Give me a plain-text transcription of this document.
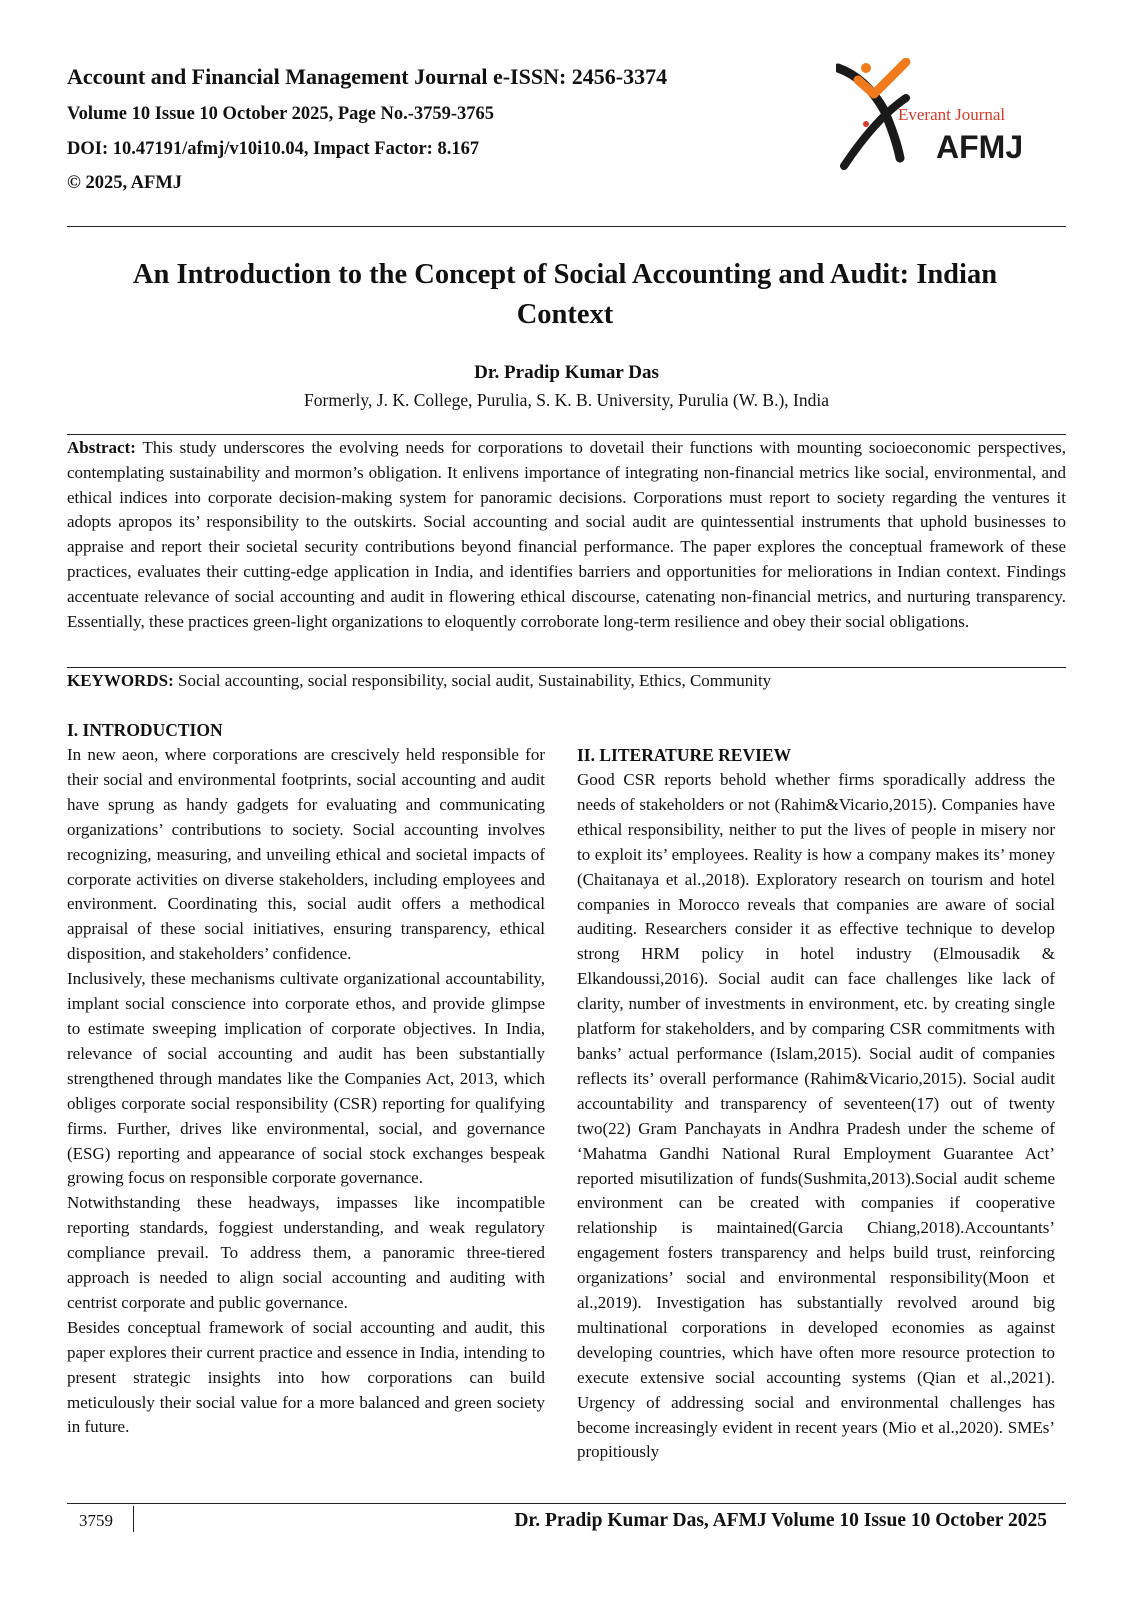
Account and Financial Management Journal e-ISSN: 2456-3374

Volume 10 Issue 10 October 2025, Page No.-3759-3765

DOI: 10.47191/afmj/v10i10.04, Impact Factor: 8.167

© 2025, AFMJ

Everant Journal
AFMJ
An Introduction to the Concept of Social Accounting and Audit: Indian Context

Dr. Pradip Kumar Das

Formerly, J. K. College, Purulia, S. K. B. University, Purulia (W. B.), India

Abstract: This study underscores the evolving needs for corporations to dovetail their functions with mounting socioeconomic perspectives, contemplating sustainability and mormon’s obligation. It enlivens importance of integrating non-financial metrics like social, environmental, and ethical indices into corporate decision-making system for panoramic decisions. Corporations must report to society regarding the ventures it adopts apropos its’ responsibility to the outskirts. Social accounting and social audit are quintessential instruments that uphold businesses to appraise and report their societal security contributions beyond financial performance. The paper explores the conceptual framework of these practices, evaluates their cutting-edge application in India, and identifies barriers and opportunities for meliorations in Indian context. Findings accentuate relevance of social accounting and audit in flowering ethical discourse, catenating non-financial metrics, and nurturing transparency. Essentially, these practices green-light organizations to eloquently corroborate long-term resilience and obey their social obligations.

KEYWORDS: Social accounting, social responsibility, social audit, Sustainability, Ethics, Community

I. INTRODUCTION

In new aeon, where corporations are crescively held responsible for their social and environmental footprints, social accounting and audit have sprung as handy gadgets for evaluating and communicating organizations’ contributions to society. Social accounting involves recognizing, measuring, and unveiling ethical and societal impacts of corporate activities on diverse stakeholders, including employees and environment. Coordinating this, social audit offers a methodical appraisal of these social initiatives, ensuring transparency, ethical disposition, and stakeholders’ confidence.

Inclusively, these mechanisms cultivate organizational accountability, implant social conscience into corporate ethos, and provide glimpse to estimate sweeping implication of corporate objectives. In India, relevance of social accounting and audit has been substantially strengthened through mandates like the Companies Act, 2013, which obliges corporate social responsibility (CSR) reporting for qualifying firms. Further, drives like environmental, social, and governance (ESG) reporting and appearance of social stock exchanges bespeak growing focus on responsible corporate governance.

Notwithstanding these headways, impasses like incompatible reporting standards, foggiest understanding, and weak regulatory compliance prevail. To address them, a panoramic three-tiered approach is needed to align social accounting and auditing with centrist corporate and public governance.

Besides conceptual framework of social accounting and audit, this paper explores their current practice and essence in India, intending to present strategic insights into how corporations can build meticulously their social value for a more balanced and green society in future.

II. LITERATURE REVIEW

Good CSR reports behold whether firms sporadically address the needs of stakeholders or not (Rahim&Vicario,2015). Companies have ethical responsibility, neither to put the lives of people in misery nor to exploit its’ employees. Reality is how a company makes its’ money (Chaitanaya et al.,2018). Exploratory research on tourism and hotel companies in Morocco reveals that companies are aware of social auditing. Researchers consider it as effective technique to develop strong HRM policy in hotel industry (Elmousadik & Elkandoussi,2016). Social audit can face challenges like lack of clarity, number of investments in environment, etc. by creating single platform for stakeholders, and by comparing CSR commitments with banks’ actual performance (Islam,2015). Social audit of companies reflects its’ overall performance (Rahim&Vicario,2015). Social audit accountability and transparency of seventeen(17) out of twenty two(22) Gram Panchayats in Andhra Pradesh under the scheme of ‘Mahatma Gandhi National Rural Employment Guarantee Act’ reported misutilization of funds(Sushmita,2013).Social audit scheme environment can be created with companies if cooperative relationship is maintained(Garcia Chiang,2018).Accountants’ engagement fosters transparency and helps build trust, reinforcing organizations’ social and environmental responsibility(Moon et al.,2019). Investigation has substantially revolved around big multinational corporations in developed economies as against developing countries, which have often more resource protection to execute extensive social accounting systems (Qian et al.,2021). Urgency of addressing social and environmental challenges has become increasingly evident in recent years (Mio et al.,2020). SMEs’ propitiously

3759	Dr. Pradip Kumar Das, AFMJ Volume 10 Issue 10 October 2025
